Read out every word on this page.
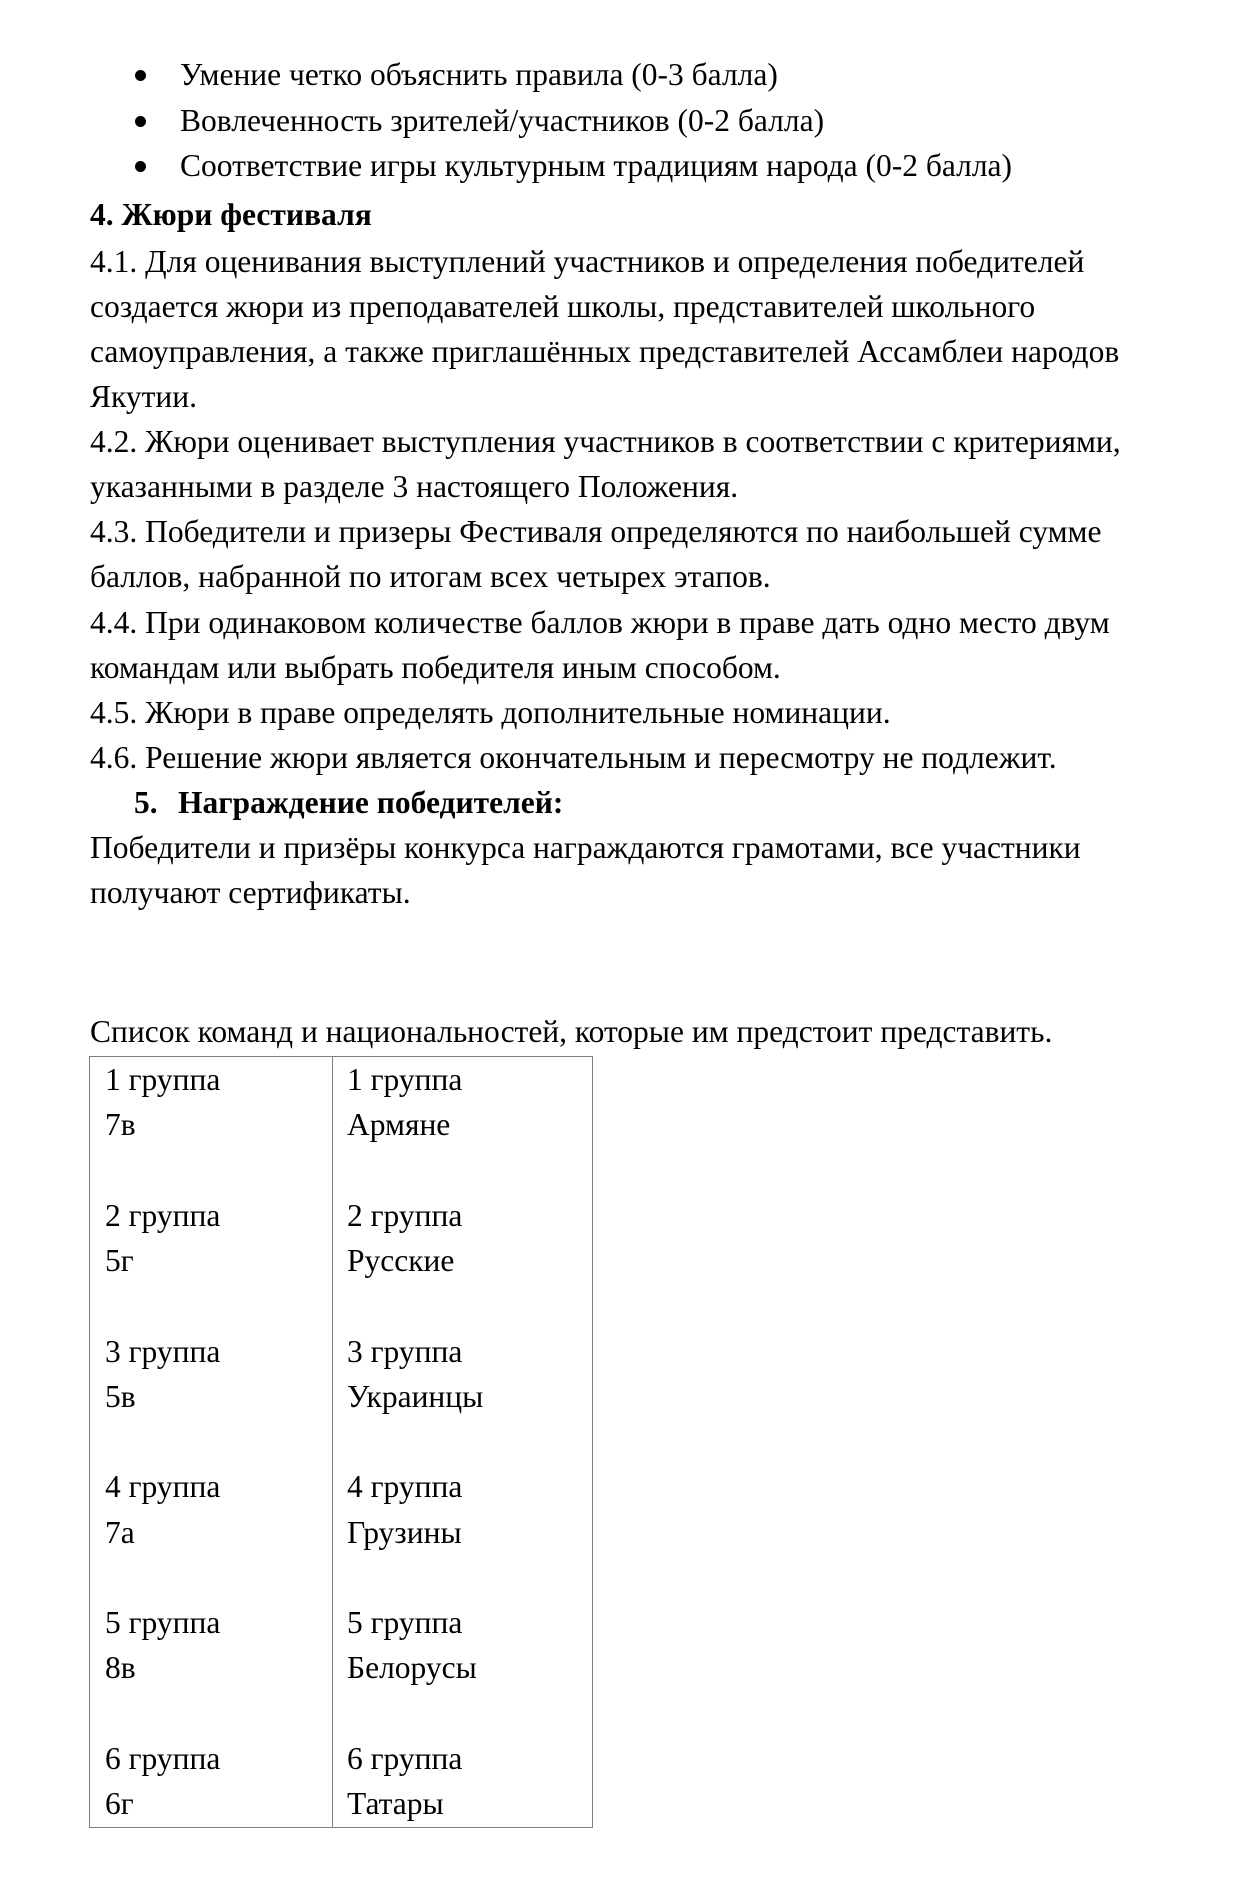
Умение четко объяснить правила (0-3 балла)
Вовлеченность зрителей/участников (0-2 балла)
Соответствие игры культурным традициям народа (0-2 балла)
4. Жюри фестиваля
4.1. Для оценивания выступлений участников и определения победителей
создается жюри из преподавателей школы, представителей школьного
самоуправления, а также приглашённых представителей Ассамблеи народов
Якутии.
4.2. Жюри оценивает выступления участников в соответствии с критериями,
указанными в разделе 3 настоящего Положения.
4.3. Победители и призеры Фестиваля определяются по наибольшей сумме
баллов, набранной по итогам всех четырех этапов.
4.4. При одинаковом количестве баллов жюри в праве дать одно место двум
командам или выбрать победителя иным способом.
4.5. Жюри в праве определять дополнительные номинации.
4.6. Решение жюри является окончательным и пересмотру не подлежит.
5. Награждение победителей:
Победители и призёры конкурса награждаются грамотами, все участники
получают сертификаты.
Список команд и национальностей, которые им предстоит представить.
1 группа
7в
2 группа
5г
3 группа
5в
4 группа
7а
5 группа
8в
6 группа
6г
1 группа
Армяне
2 группа
Русские
3 группа
Украинцы
4 группа
Грузины
5 группа
Белорусы
6 группа
Татары
